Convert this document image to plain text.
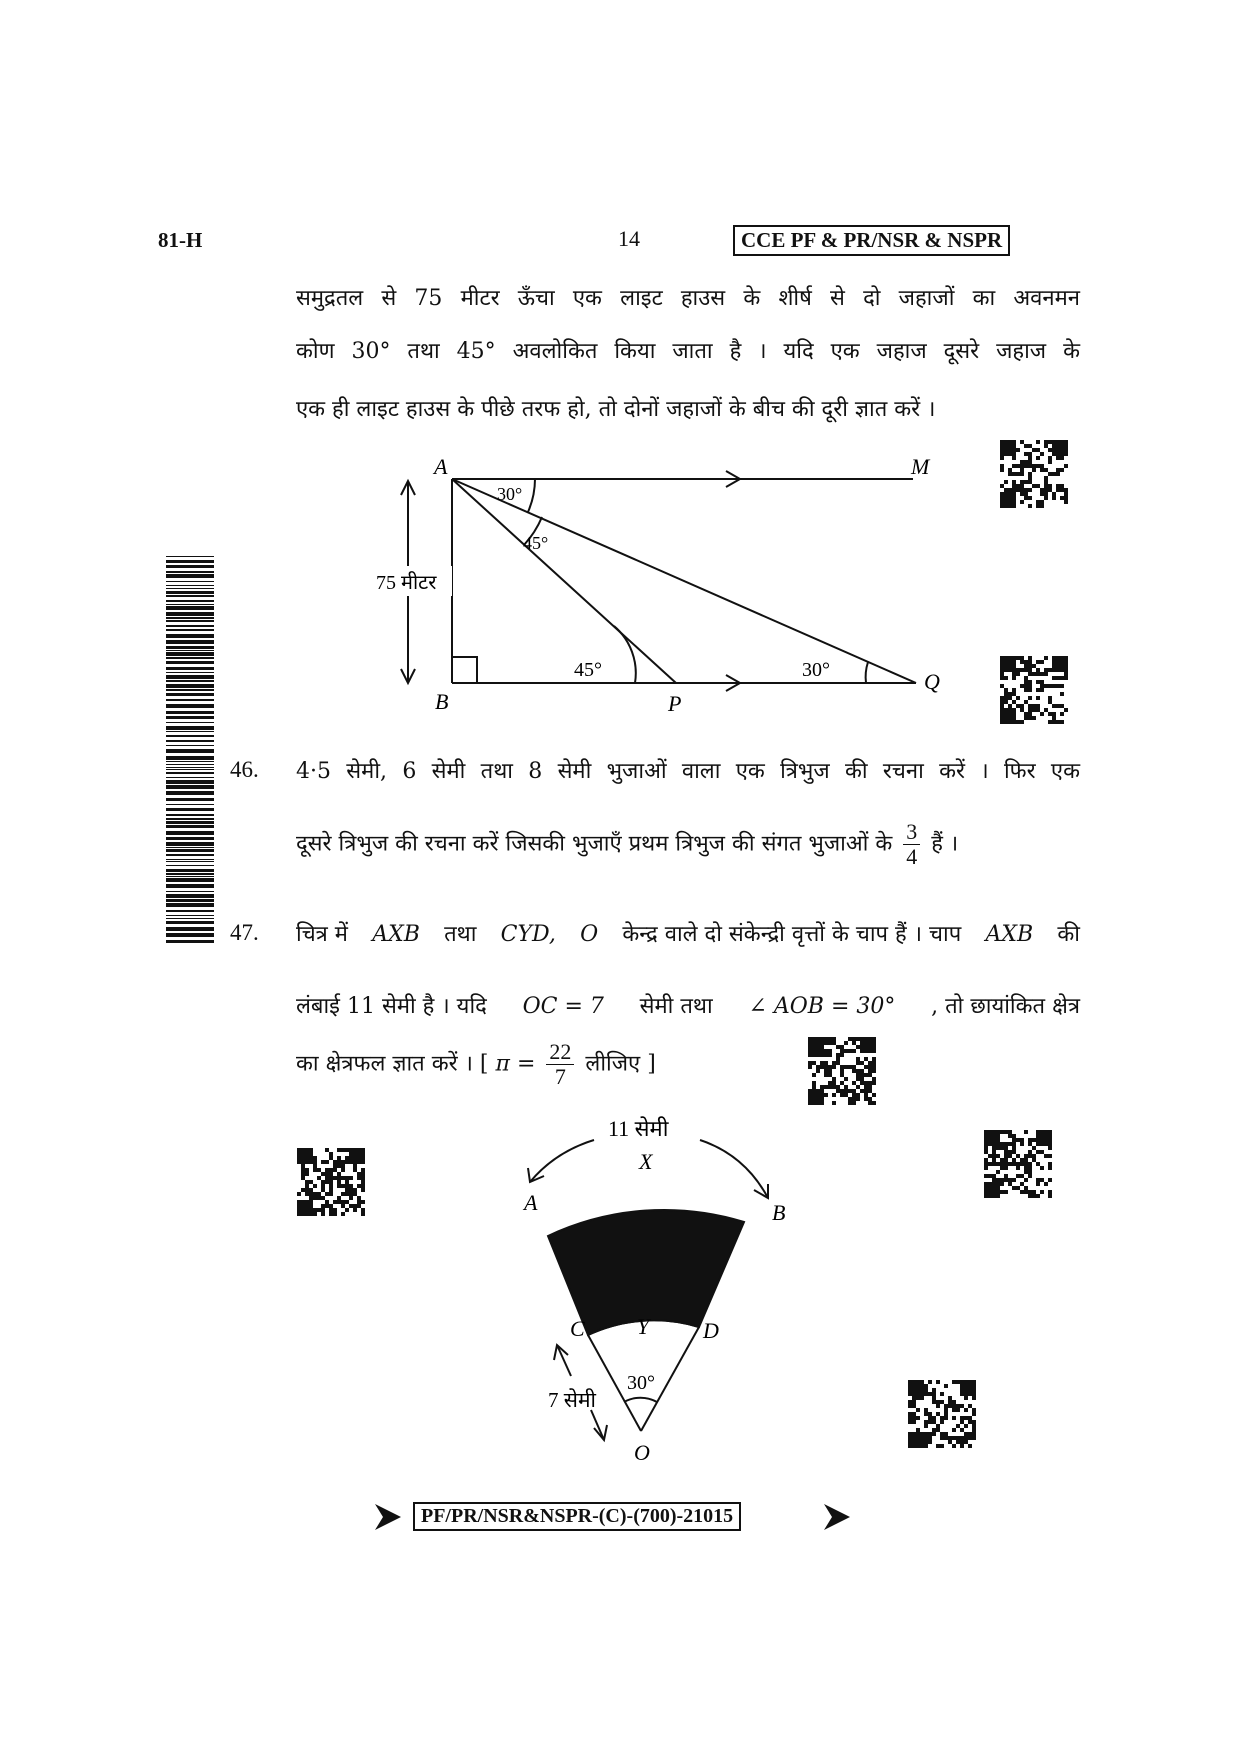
81-H	14	CCE PF & PR/NSR & NSPR
समुद्रतल से 75 मीटर ऊँचा एक लाइट हाउस के शीर्ष से दो जहाजों का अवनमन
कोण 30° तथा 45° अवलोकित किया जाता है । यदि एक जहाज दूसरे जहाज के
एक ही लाइट हाउस के पीछे तरफ हो, तो दोनों जहाजों के बीच की दूरी ज्ञात करें ।
75 मीटर
A	M
B	P
Q
30°
45°
45°	30°
46. 4·5 सेमी, 6 सेमी तथा 8 सेमी भुजाओं वाला एक त्रिभुज की रचना करें । फिर एक
दूसरे त्रिभुज की रचना करें जिसकी भुजाएँ प्रथम त्रिभुज की संगत भुजाओं के $\frac{3}{4}$ हैं ।
47. चित्र में AXB तथा CYD, O केन्द्र वाले दो संकेन्द्री वृत्तों के चाप हैं । चाप AXB की
लंबाई 11 सेमी है । यदि OC = 7 सेमी तथा ∠ AOB = 30° , तो छायांकित क्षेत्र
का क्षेत्रफल ज्ञात करें । [ $\pi = \frac{22}{7}$ लीजिए ]
11 सेमी
X
A	B
C Y D
30°
7 सेमी
O
PF/PR/NSR&NSPR-(C)-(700)-21015
